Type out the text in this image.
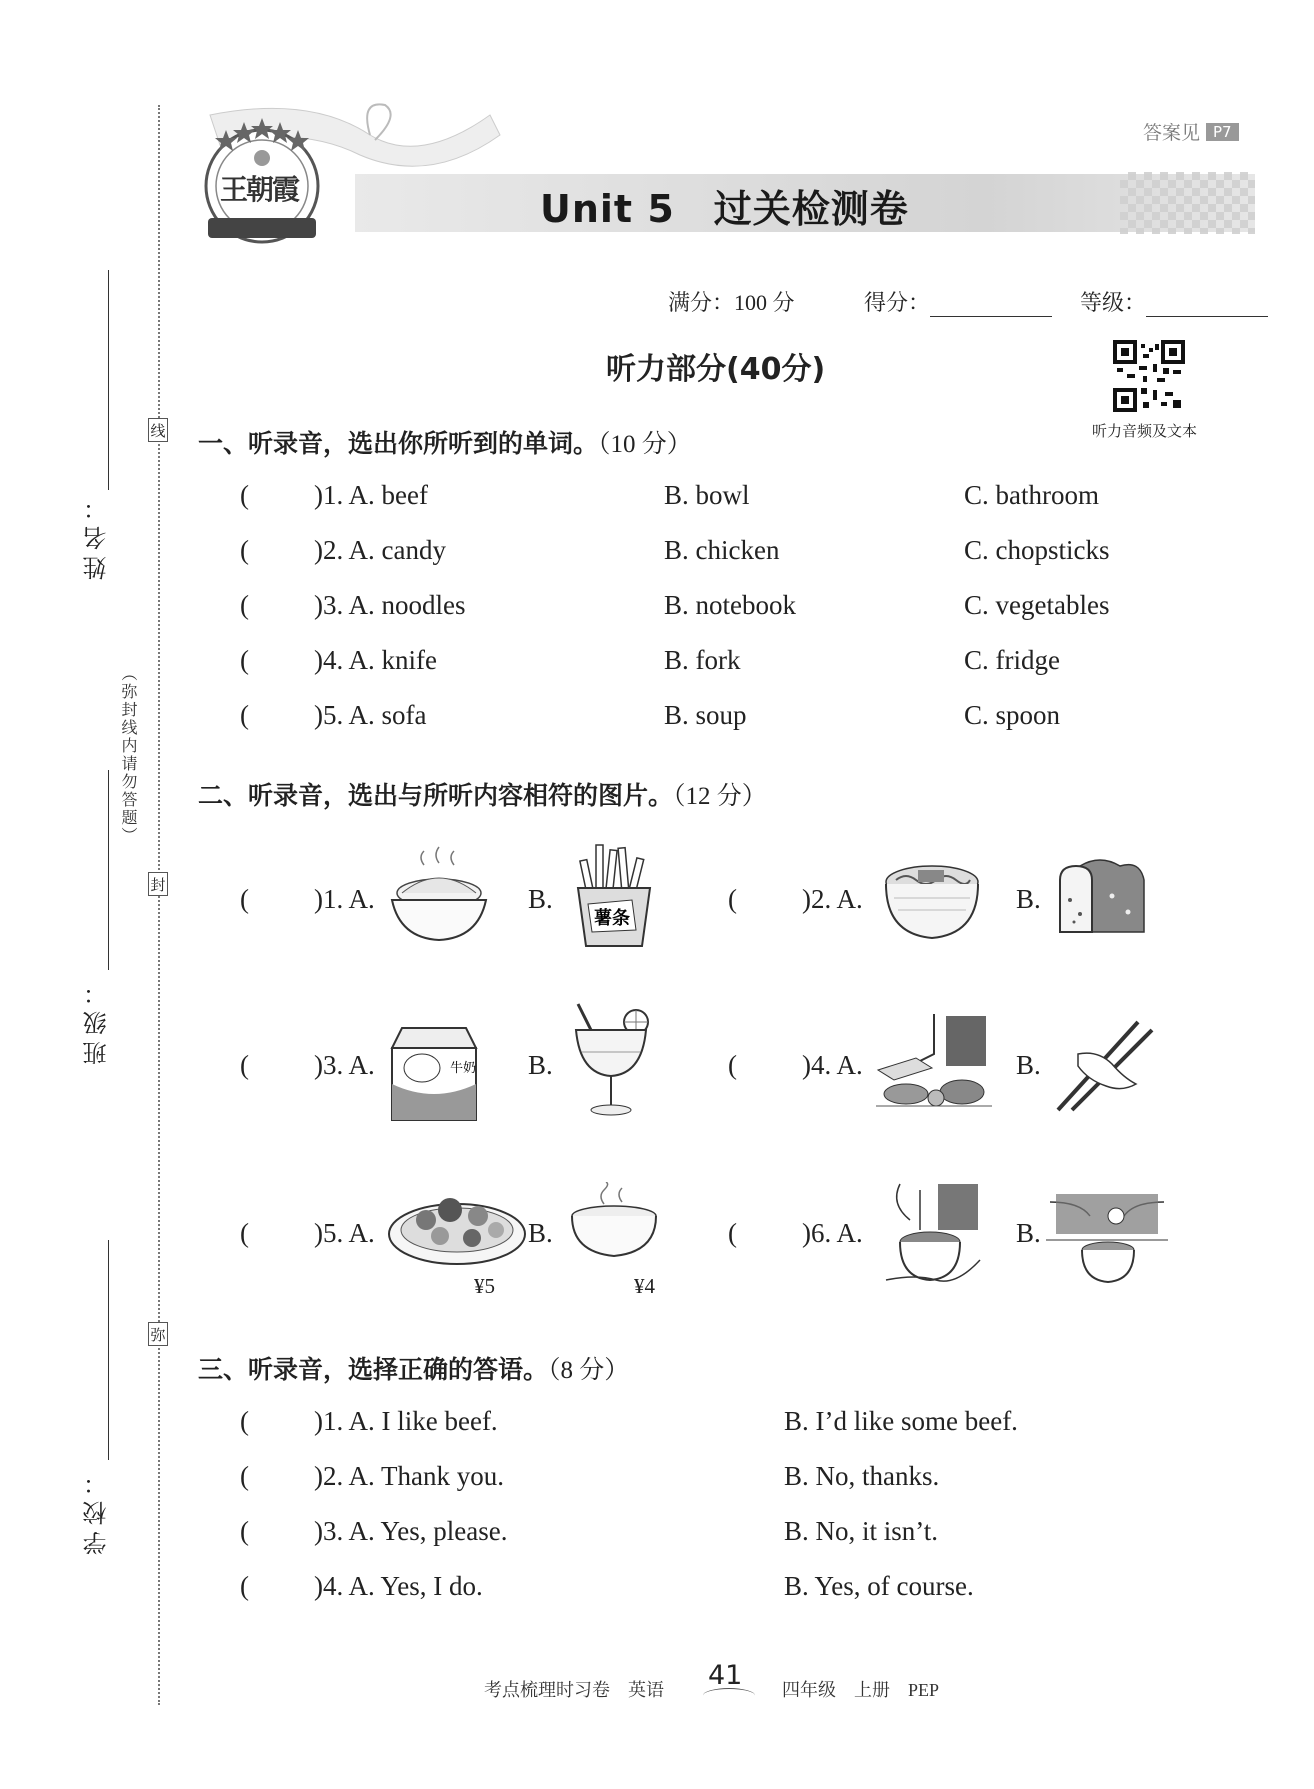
线
封
弥
（弥封线内请勿答题）
姓名：
班级：
学校：
答案见 P7
Unit 5　过关检测卷
王朝霞
满分：100 分	得分：	等级：
听力部分(40分)
听力音频及文本
一、听录音，选出你所听到的单词。（10 分）
( )1. A. beef	B. bowl	C. bathroom
( )2. A. candy	B. chicken	C. chopsticks
( )3. A. noodles	B. notebook	C. vegetables
( )4. A. knife	B. fork	C. fridge
( )5. A. sofa	B. soup	C. spoon
二、听录音，选出与所听内容相符的图片。（12 分）
( )1. A.	B.
薯条
( )2. A.	B.
( )3. A.	牛奶 B.	( )4. A.	B.
( )5. A.
¥5
B.
¥4
( )6. A.	B.
三、听录音，选择正确的答语。（8 分）
( )1. A. I like beef.	B. I’d like some beef.
( )2. A. Thank you.	B. No, thanks.
( )3. A. Yes, please.	B. No, it isn’t.
( )4. A. Yes, I do.	B. Yes, of course.
考点梳理时习卷　英语 41 四年级　上册　PEP
